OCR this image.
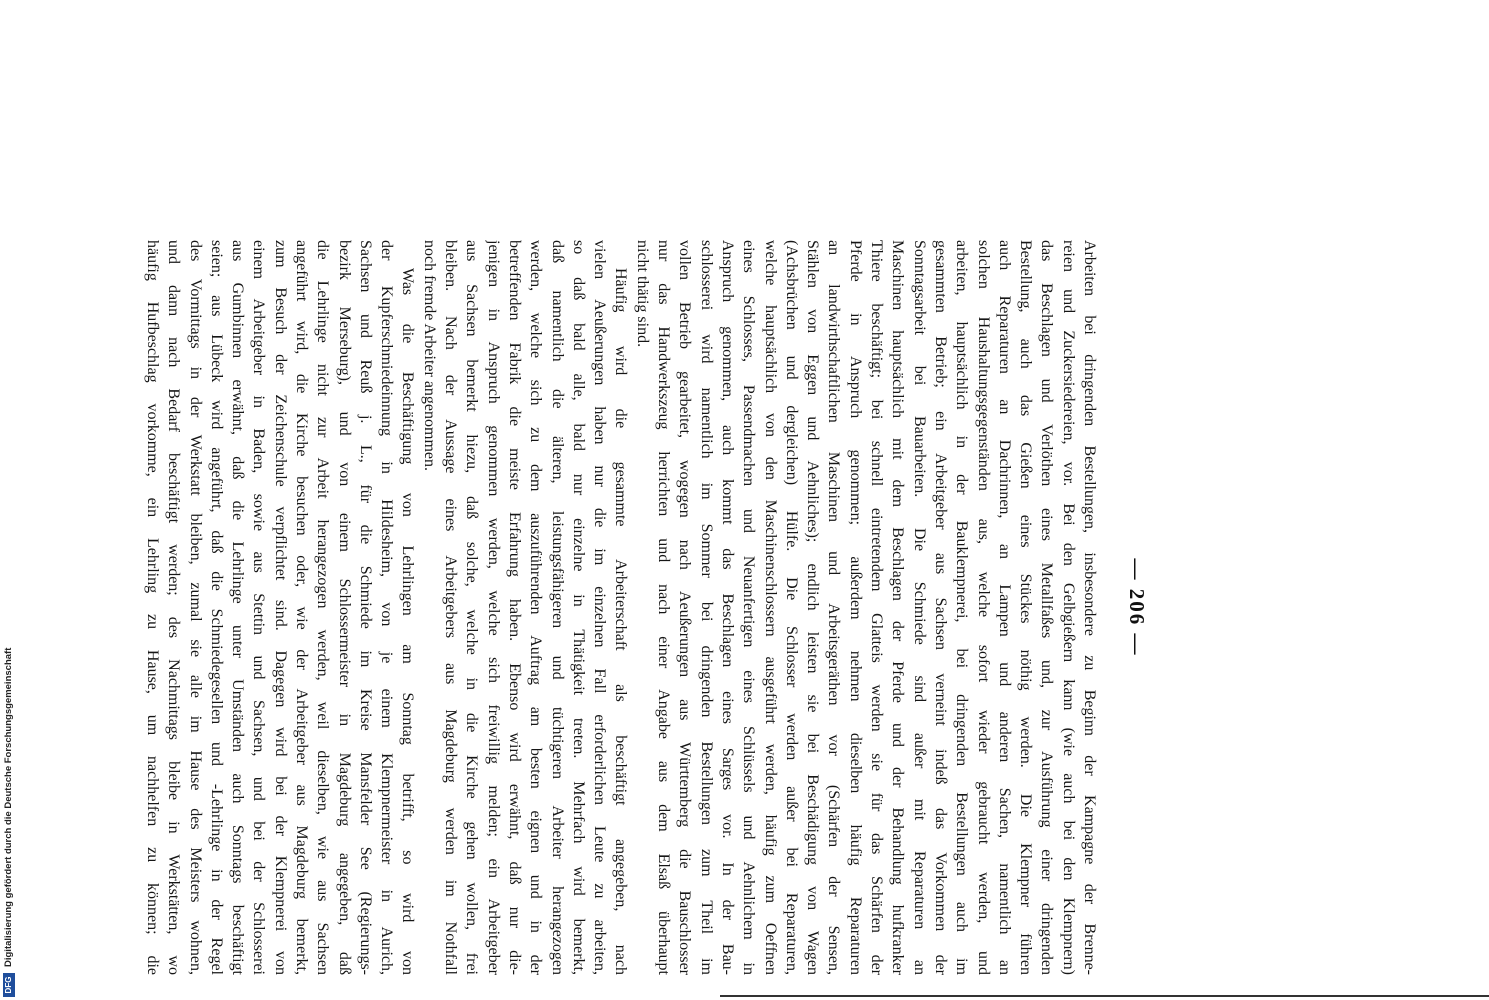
— 206 —
Arbeiten bei dringenden Bestellungen, insbesondere zu Beginn der Kampagne der Brenne-
reien und Zuckersiedereien, vor. Bei den Gelbgießern kann (wie auch bei den Klempnern)
das Beschlagen und Verlöthen eines Metallfaßes und, zur Ausführung einer dringenden
Bestellung, auch das Gießen eines Stückes nöthig werden. Die Klempner führen
auch Reparaturen an Dachrinnen, an Lampen und anderen Sachen, namentlich an
solchen Haushaltungsgegenständen aus, welche sofort wieder gebraucht werden, und
arbeiten, hauptsächlich in der Bauklempnerei, bei dringenden Bestellungen auch im
gesammten Betrieb; ein Arbeitgeber aus Sachsen verneint indeß das Vorkommen der
Sonntagsarbeit bei Bauarbeiten. Die Schmiede sind außer mit Reparaturen an
Maschinen hauptsächlich mit dem Beschlagen der Pferde und der Behandlung hufkranker
Thiere beschäftigt; bei schnell eintretendem Glatteis werden sie für das Schärfen der
Pferde in Anspruch genommen; außerdem nehmen dieselben häufig Reparaturen
an landwirthschaftlichen Maschinen und Arbeitsgeräthen vor (Schärfen der Sensen,
Stählen von Eggen und Aehnliches); endlich leisten sie bei Beschädigung von Wagen
(Achsbrüchen und dergleichen) Hülfe. Die Schlosser werden außer bei Reparaturen,
welche hauptsächlich von den Maschinenschlossern ausgeführt werden, häufig zum Oeffnen
eines Schlosses, Passendmachen und Neuanfertigen eines Schlüssels und Aehnlichem in
Anspruch genommen, auch kommt das Beschlagen eines Sarges vor. In der Bau-
schlosserei wird namentlich im Sommer bei dringenden Bestellungen zum Theil im
vollen Betrieb gearbeitet, wogegen nach Aeußerungen aus Württemberg die Bauschlosser
nur das Handwerkszeug herrichten und nach einer Angabe aus dem Elsaß überhaupt
nicht thätig sind.
Häufig wird die gesammte Arbeiterschaft als beschäftigt angegeben, nach
vielen Aeußerungen haben nur die im einzelnen Fall erforderlichen Leute zu arbeiten,
so daß bald alle, bald nur einzelne in Thätigkeit treten. Mehrfach wird bemerkt,
daß namentlich die älteren, leistungsfähigeren und tüchtigeren Arbeiter herangezogen
werden, welche sich zu dem auszuführenden Auftrag am besten eignen und in der
betreffenden Fabrik die meiste Erfahrung haben. Ebenso wird erwähnt, daß nur die-
jenigen in Anspruch genommen werden, welche sich freiwillig melden; ein Arbeitgeber
aus Sachsen bemerkt hiezu, daß solche, welche in die Kirche gehen wollen, frei
bleiben. Nach der Aussage eines Arbeitgebers aus Magdeburg werden im Nothfall
noch fremde Arbeiter angenommen.
Was die Beschäftigung von Lehrlingen am Sonntag betrifft, so wird von
der Kupferschmiedeinnung in Hildesheim, von je einem Klempnermeister in Aurich,
Sachsen und Reuß j. L., für die Schmiede im Kreise Mansfelder See (Regierungs-
bezirk Merseburg), und von einem Schlossermeister in Magdeburg angegeben, daß
die Lehrlinge nicht zur Arbeit herangezogen werden, weil dieselben, wie aus Sachsen
angeführt wird, die Kirche besuchen oder, wie der Arbeitgeber aus Magdeburg bemerkt,
zum Besuch der Zeichenschule verpflichtet sind. Dagegen wird bei der Klempnerei von
einem Arbeitgeber in Baden, sowie aus Stettin und Sachsen, und bei der Schlosserei
aus Gumbinnen erwähnt, daß die Lehrlinge unter Umständen auch Sonntags beschäftigt
seien; aus Lübeck wird angeführt, daß die Schmiedegesellen und -Lehrlinge in der Regel
des Vormittags in der Werkstatt bleiben, zumal sie alle im Hause des Meisters wohnen,
und dann nach Bedarf beschäftigt werden; des Nachmittags bleibe in Werkstätten, wo
häufig Hufbeschlag vorkomme, ein Lehrling zu Hause, um nachhelfen zu können; die
DFG
Digitalisierung gefördert durch die Deutsche Forschungsgemeinschaft
